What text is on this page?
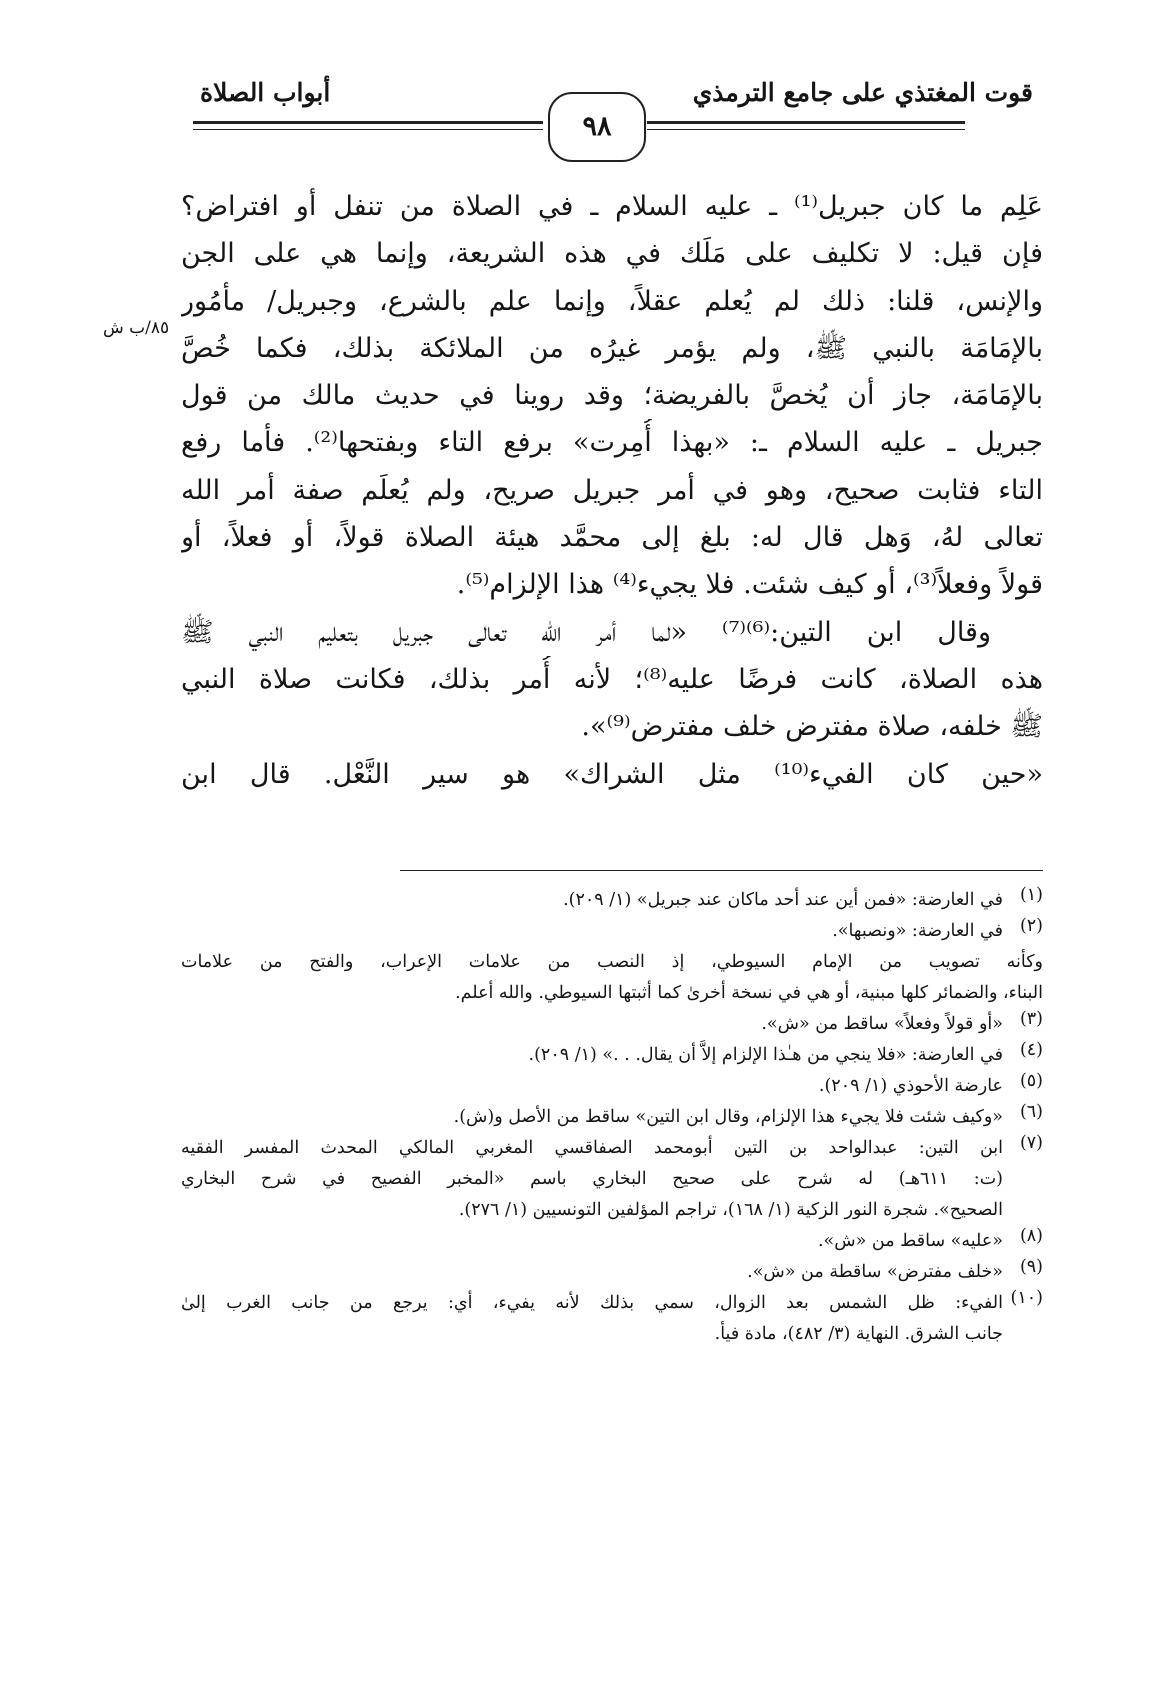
قوت المغتذي على جامع الترمذي
أبواب الصلاة
٩٨
٨٥/ب ش
عَلِم ما كان جبريل⁽¹⁾ ـ عليه السلام ـ في الصلاة من تنفل أو افتراض؟
فإن قيل: لا تكليف على مَلَك في هذه الشريعة، وإنما هي على الجن
والإنس، قلنا: ذلك لم يُعلم عقلاً، وإنما علم بالشرع، وجبريل/ مأمُور
بالإمَامَة بالنبي ﷺ، ولم يؤمر غيرُه من الملائكة بذلك، فكما خُصَّ
بالإمَامَة، جاز أن يُخصَّ بالفريضة؛ وقد روينا في حديث مالك من قول
جبريل ـ عليه السلام ـ: «بهذا أُمِرت» برفع التاء وبفتحها⁽²⁾. فأما رفع
التاء فثابت صحيح، وهو في أمر جبريل صريح، ولم يُعلَم صفة أمر الله
تعالى لهُ، وَهل قال له: بلغ إلى محمَّد هيئة الصلاة قولاً، أو فعلاً، أو
قولاً وفعلاً⁽³⁾، أو كيف شئت. فلا يجيء⁽⁴⁾ هذا الإلزام⁽⁵⁾.
وقال ابن التين:⁽⁶⁾⁽⁷⁾ «لما أمر الله تعالى جبريل بتعليم النبي ﷺ
هذه الصلاة، كانت فرضًا عليه⁽⁸⁾؛ لأنه أُمر بذلك، فكانت صلاة النبي
ﷺ خلفه، صلاة مفترض خلف مفترض⁽⁹⁾».
«حين كان الفيء⁽¹⁰⁾ مثل الشراك» هو سير النَّعْل. قال ابن
(١)
في العارضة: «فمن أين عند أحد ماكان عند جبريل» (١/ ٢٠٩).
(٢)
في العارضة: «ونصبها».
وكأنه تصويب من الإمام السيوطي، إذ النصب من علامات الإعراب، والفتح من علامات
البناء، والضمائر كلها مبنية، أو هي في نسخة أخرىٰ كما أثبتها السيوطي. والله أعلم.
(٣)
«أو قولاً وفعلاً» ساقط من «ش».
(٤)
في العارضة: «فلا ينجي من هـٰذا الإلزام إلاَّ أن يقال. . .» (١/ ٢٠٩).
(٥)
عارضة الأحوذي (١/ ٢٠٩).
(٦)
«وكيف شئت فلا يجيء هذا الإلزام، وقال ابن التين» ساقط من الأصل و(ش).
(٧)
ابن التين: عبدالواحد بن التين أبومحمد الصفاقسي المغربي المالكي المحدث المفسر الفقيه
(ت: ٦١١هـ) له شرح على صحيح البخاري باسم «المخبر الفصيح في شرح البخاري
الصحيح». شجرة النور الزكية (١/ ١٦٨)، تراجم المؤلفين التونسيين (١/ ٢٧٦).
(٨)
«عليه» ساقط من «ش».
(٩)
«خلف مفترض» ساقطة من «ش».
(١٠)
الفيء: ظل الشمس بعد الزوال، سمي بذلك لأنه يفيء، أي: يرجع من جانب الغرب إلىٰ
جانب الشرق. النهاية (٣/ ٤٨٢)، مادة فيأ.
